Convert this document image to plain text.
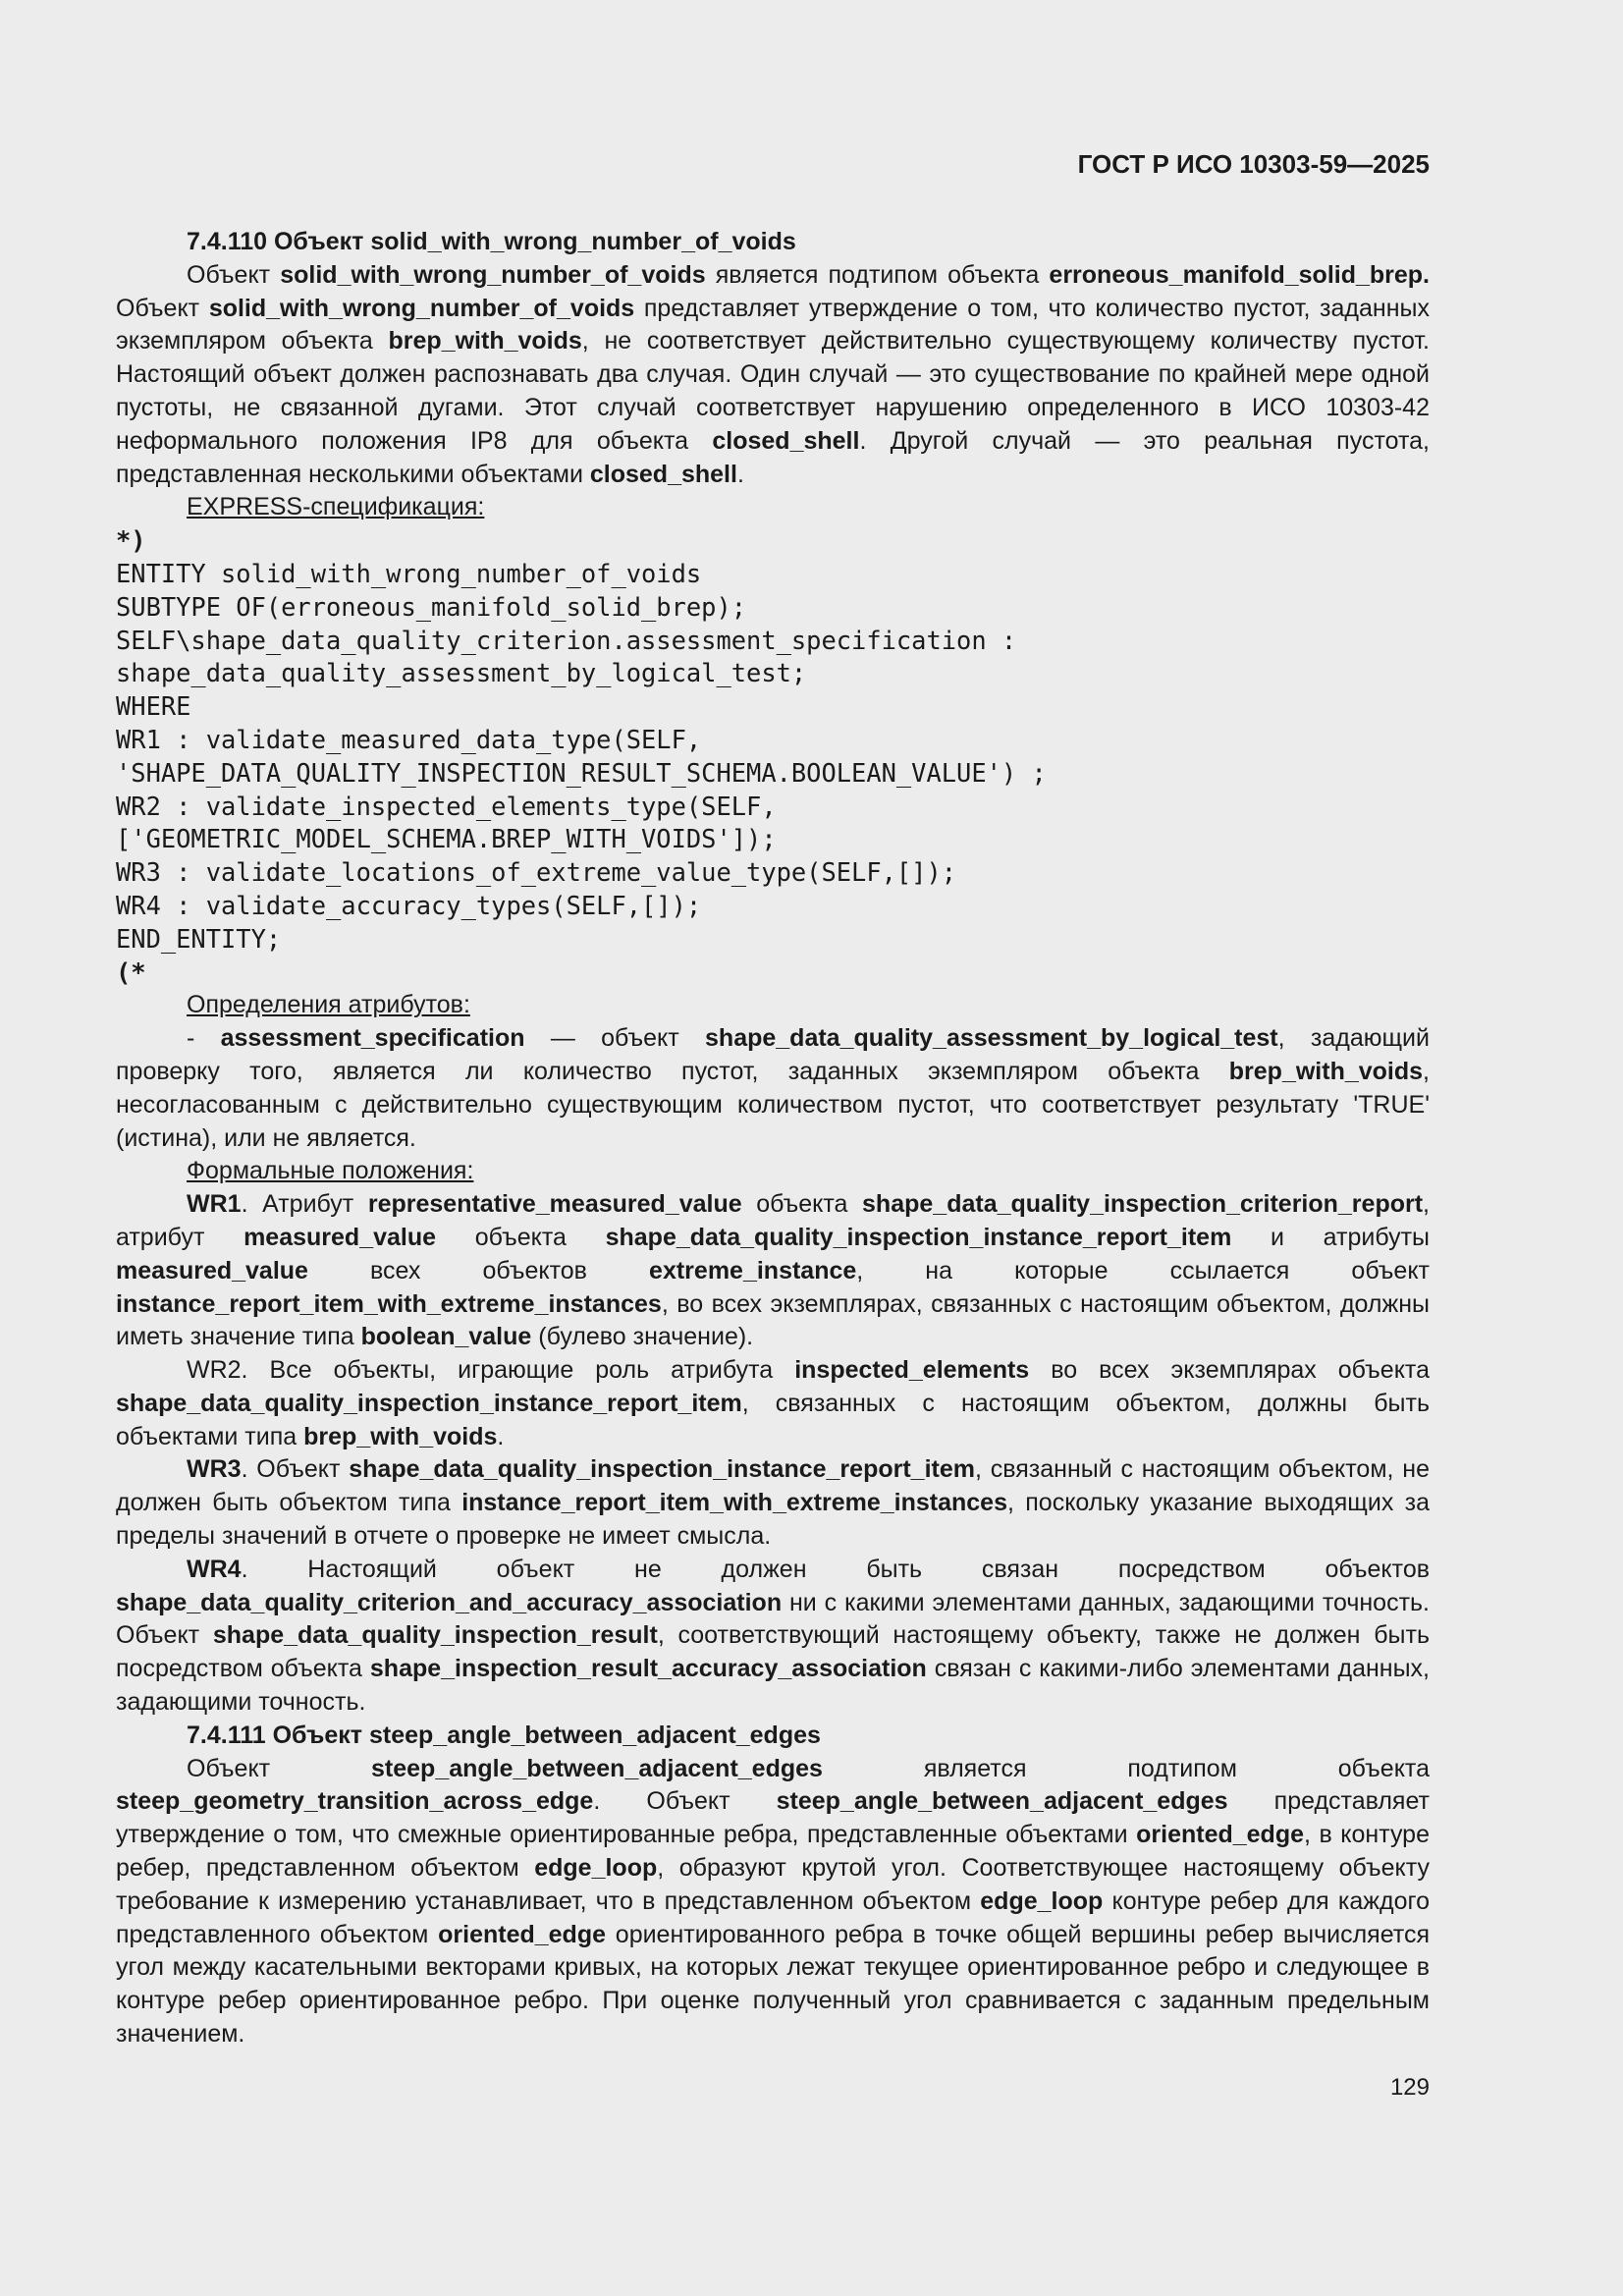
ГОСТ Р ИСО 10303-59—2025

7.4.110 Объект solid_with_wrong_number_of_voids

Объект solid_with_wrong_number_of_voids является подтипом объекта erroneous_manifold_solid_brep. Объект solid_with_wrong_number_of_voids представляет утверждение о том, что количество пустот, заданных экземпляром объекта brep_with_voids, не соответствует действительно существующему количеству пустот. Настоящий объект должен распознавать два случая. Один случай — это существование по крайней мере одной пустоты, не связанной дугами. Этот случай соответствует нарушению определенного в ИСО 10303-42 неформального положения IP8 для объекта closed_shell. Другой случай — это реальная пустота, представленная несколькими объектами closed_shell.

EXPRESS-спецификация:

*)

ENTITY solid_with_wrong_number_of_voids

SUBTYPE OF(erroneous_manifold_solid_brep);

SELF\shape_data_quality_criterion.assessment_specification :

shape_data_quality_assessment_by_logical_test;

WHERE

WR1 : validate_measured_data_type(SELF,

'SHAPE_DATA_QUALITY_INSPECTION_RESULT_SCHEMA.BOOLEAN_VALUE') ;

WR2 : validate_inspected_elements_type(SELF,

['GEOMETRIC_MODEL_SCHEMA.BREP_WITH_VOIDS']);

WR3 : validate_locations_of_extreme_value_type(SELF,[]);

WR4 : validate_accuracy_types(SELF,[]);

END_ENTITY;

(*

Определения атрибутов:

- assessment_specification — объект shape_data_quality_assessment_by_logical_test, задающий проверку того, является ли количество пустот, заданных экземпляром объекта brep_with_voids, несогласованным с действительно существующим количеством пустот, что соответствует результату 'TRUE' (истина), или не является.

Формальные положения:

WR1. Атрибут representative_measured_value объекта shape_data_quality_inspection_criterion_report, атрибут measured_value объекта shape_data_quality_inspection_instance_report_item и атрибуты measured_value всех объектов extreme_instance, на которые ссылается объект instance_report_item_with_extreme_instances, во всех экземплярах, связанных с настоящим объектом, должны иметь значение типа boolean_value (булево значение).

WR2. Все объекты, играющие роль атрибута inspected_elements во всех экземплярах объекта shape_data_quality_inspection_instance_report_item, связанных с настоящим объектом, должны быть объектами типа brep_with_voids.

WR3. Объект shape_data_quality_inspection_instance_report_item, связанный с настоящим объектом, не должен быть объектом типа instance_report_item_with_extreme_instances, поскольку указание выходящих за пределы значений в отчете о проверке не имеет смысла.

WR4. Настоящий объект не должен быть связан посредством объектов shape_data_quality_criterion_and_accuracy_association ни с какими элементами данных, задающими точность. Объект shape_data_quality_inspection_result, соответствующий настоящему объекту, также не должен быть посредством объекта shape_inspection_result_accuracy_association связан с какими-либо элементами данных, задающими точность.

7.4.111 Объект steep_angle_between_adjacent_edges

Объект steep_angle_between_adjacent_edges является подтипом объекта steep_geometry_transition_across_edge. Объект steep_angle_between_adjacent_edges представляет утверждение о том, что смежные ориентированные ребра, представленные объектами oriented_edge, в контуре ребер, представленном объектом edge_loop, образуют крутой угол. Соответствующее настоящему объекту требование к измерению устанавливает, что в представленном объектом edge_loop контуре ребер для каждого представленного объектом oriented_edge ориентированного ребра в точке общей вершины ребер вычисляется угол между касательными векторами кривых, на которых лежат текущее ориентированное ребро и следующее в контуре ребер ориентированное ребро. При оценке полученный угол сравнивается с заданным предельным значением.

129
